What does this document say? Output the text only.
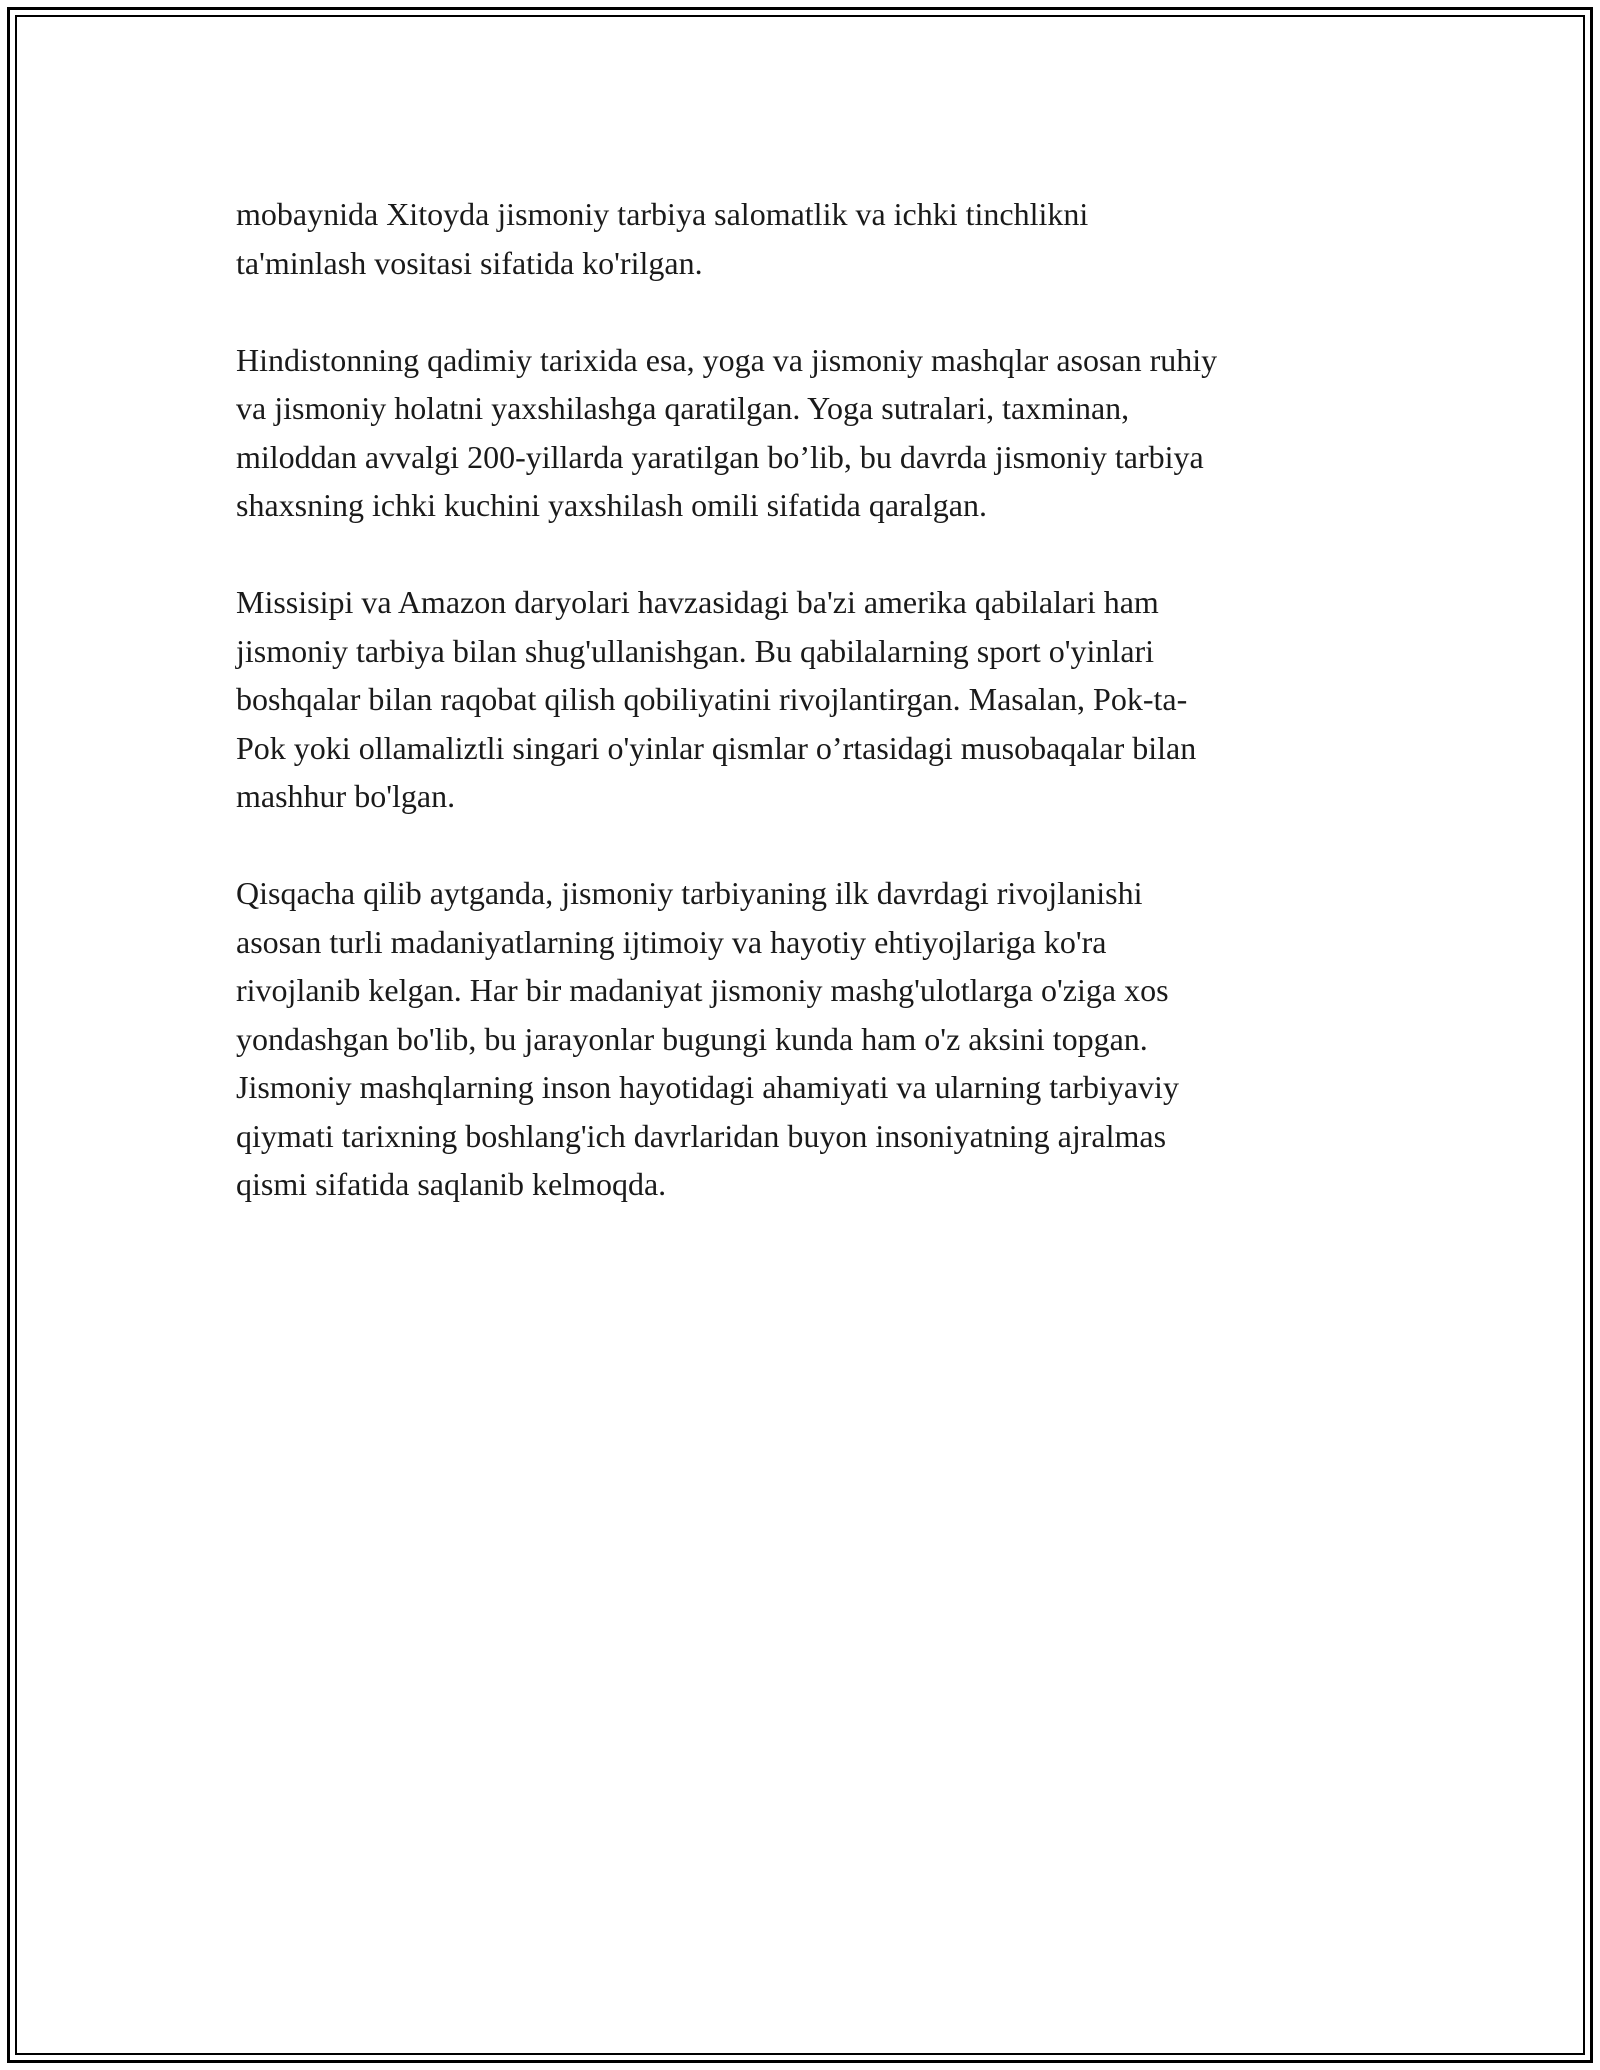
mobaynida Xitoyda jismoniy tarbiya salomatlik va ichki tinchlikni
ta'minlash vositasi sifatida ko'rilgan.

Hindistonning qadimiy tarixida esa, yoga va jismoniy mashqlar asosan ruhiy
va jismoniy holatni yaxshilashga qaratilgan. Yoga sutralari, taxminan,
miloddan avvalgi 200-yillarda yaratilgan bo’lib, bu davrda jismoniy tarbiya
shaxsning ichki kuchini yaxshilash omili sifatida qaralgan.

Missisipi va Amazon daryolari havzasidagi ba'zi amerika qabilalari ham
jismoniy tarbiya bilan shug'ullanishgan. Bu qabilalarning sport o'yinlari
boshqalar bilan raqobat qilish qobiliyatini rivojlantirgan. Masalan, Pok-ta-
Pok yoki ollamaliztli singari o'yinlar qismlar o’rtasidagi musobaqalar bilan
mashhur bo'lgan.

Qisqacha qilib aytganda, jismoniy tarbiyaning ilk davrdagi rivojlanishi
asosan turli madaniyatlarning ijtimoiy va hayotiy ehtiyojlariga ko'ra
rivojlanib kelgan. Har bir madaniyat jismoniy mashg'ulotlarga o'ziga xos
yondashgan bo'lib, bu jarayonlar bugungi kunda ham o'z aksini topgan.
Jismoniy mashqlarning inson hayotidagi ahamiyati va ularning tarbiyaviy
qiymati tarixning boshlang'ich davrlaridan buyon insoniyatning ajralmas
qismi sifatida saqlanib kelmoqda.
